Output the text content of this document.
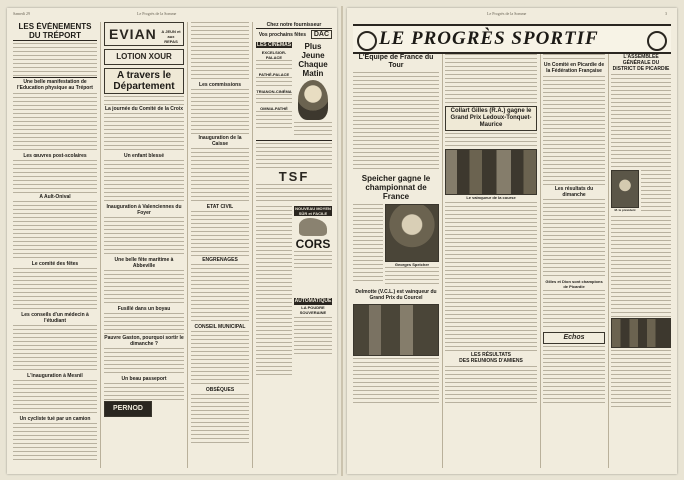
Samedi 29	Le Progrès de la Somme
LES ÉVÉNEMENTS DU TRÉPORT
Une belle manifestation de l'Education physique au Tréport
Les œuvres post-scolaires
A Ault-Onival
Le comité des fêtes
Les conseils d'un médecin à l'étudiant
L'inauguration à Mesnil
Un cycliste tué par un camion
EVIAN A JEUN et aux REPAS
LOTION XOUR
A travers le Département
La journée du Comité de la Croix
Un enfant blessé
Inauguration à Valenciennes du Foyer
Une belle fête maritime à Abbeville
Fusillé dans un boyau
Pauvre Gaston, pourquoi sortir le dimanche ?
Un beau passeport
PERNOD FILS
Les commissions
Inauguration de la Caisse
ETAT CIVIL
ENGRENAGES
CONSEIL MUNICIPAL
OBSÈQUES
Chez notre fournisseur
Vos prochains fêtes	DAC
LES CINÉMAS
EXCELSIOR-PALACE
PATHÉ-PALACE
TRIANON-CINÉMA
OMNIA-PATHÉ
Plus Jeune Chaque Matin
TSF
NOUVEAU MOYEN SÛR et FACILE
CORS
AUTOMATIQUE
LA POUDRE SOUVERAINE
Le Progrès de la Somme	3
LE PROGRÈS SPORTIF
L'Equipe de France du Tour
Speicher gagne le championnat de France
Georges Speicher
Delmotte (V.C.L.) est vainqueur du Grand Prix du Courcel
Collart Gilles (R.A.) gagne le Grand Prix Ledoux-Tonquet-Maurice
Le vainqueur de la course
LES RÉSULTATS
DES REUNIONS D'AMIENS
Un Comité en Picardie de la Fédération Française
Les résultats du dimanche
Gilles et Dion sont champions de Picardie
Echos
L'ASSEMBLÉE GÉNÉRALE DU DISTRICT DE PICARDIE
M. le président
